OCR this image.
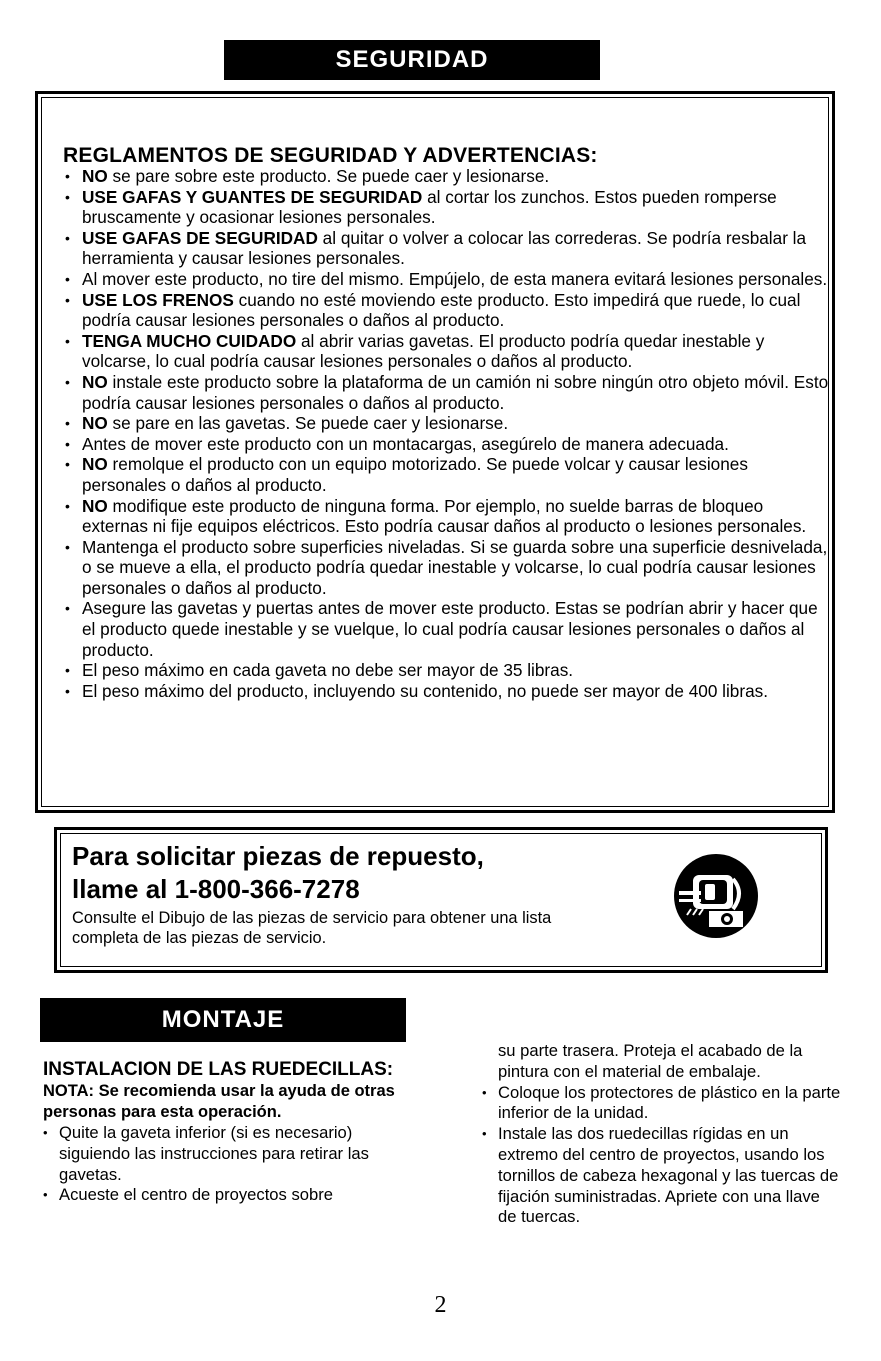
SEGURIDAD
REGLAMENTOS DE SEGURIDAD Y ADVERTENCIAS:
• NO se pare sobre este producto. Se puede caer y lesionarse.
• USE GAFAS Y GUANTES DE SEGURIDAD al cortar los zunchos. Estos pueden romperse bruscamente y ocasionar lesiones personales.
• USE GAFAS DE SEGURIDAD al quitar o volver a colocar las correderas. Se podría resbalar la herramienta y causar lesiones personales.
• Al mover este producto, no tire del mismo. Empújelo, de esta manera evitará lesiones personales.
• USE LOS FRENOS cuando no esté moviendo este producto. Esto impedirá que ruede, lo cual podría causar lesiones personales o daños al producto.
• TENGA MUCHO CUIDADO al abrir varias gavetas. El producto podría quedar inestable y volcarse, lo cual podría causar lesiones personales o daños al producto.
• NO instale este producto sobre la plataforma de un camión ni sobre ningún otro objeto móvil. Esto podría causar lesiones personales o daños al producto.
• NO se pare en las gavetas. Se puede caer y lesionarse.
• Antes de mover este producto con un montacargas, asegúrelo de manera adecuada.
• NO remolque el producto con un equipo motorizado. Se puede volcar y causar lesiones personales o daños al producto.
• NO modifique este producto de ninguna forma. Por ejemplo, no suelde barras de bloqueo externas ni fije equipos eléctricos. Esto podría causar daños al producto o lesiones personales.
• Mantenga el producto sobre superficies niveladas. Si se guarda sobre una superficie desnivelada, o se mueve a ella, el producto podría quedar inestable y volcarse, lo cual podría causar lesiones personales o daños al producto.
• Asegure las gavetas y puertas antes de mover este producto. Estas se podrían abrir y hacer que el producto quede inestable y se vuelque, lo cual podría causar lesiones personales o daños al producto.
• El peso máximo en cada gaveta no debe ser mayor de 35 libras.
• El peso máximo del producto, incluyendo su contenido, no puede ser mayor de 400 libras.
Para solicitar piezas de repuesto,
llame al 1-800-366-7278

Consulte el Dibujo de las piezas de servicio para obtener una lista completa de las piezas de servicio.

MONTAJE
INSTALACION DE LAS RUEDECILLAS:

NOTA: Se recomienda usar la ayuda de otras personas para esta operación.

• Quite la gaveta inferior (si es necesario) siguiendo las instrucciones para retirar las gavetas.
• Acueste el centro de proyectos sobre

su parte trasera. Proteja el acabado de la pintura con el material de embalaje.

• Coloque los protectores de plástico en la parte inferior de la unidad.
• Instale las dos ruedecillas rígidas en un extremo del centro de proyectos, usando los tornillos de cabeza hexagonal y las tuercas de fijación suministradas. Apriete con una llave de tuercas.
2
